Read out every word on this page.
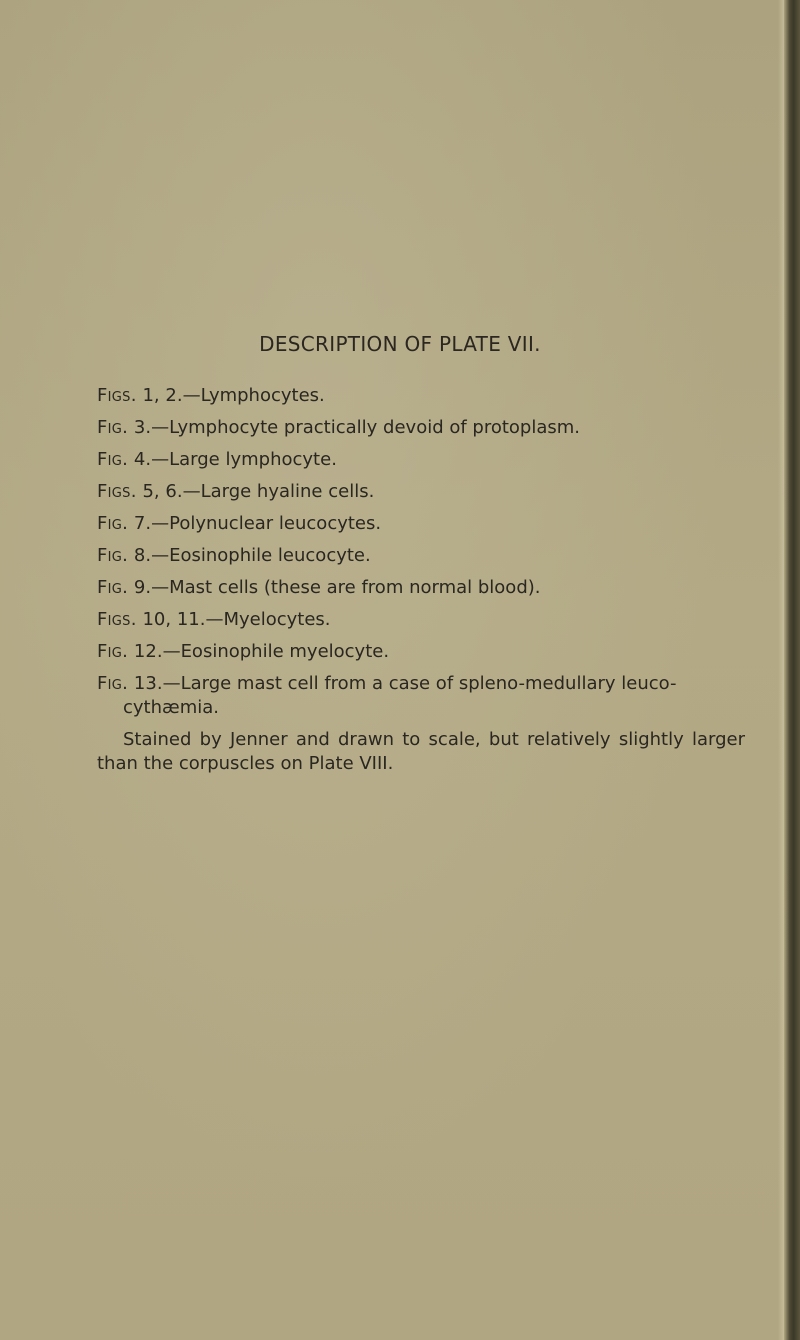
DESCRIPTION OF PLATE VII.
Figs. 1, 2.—Lymphocytes.
Fig. 3.—Lymphocyte practically devoid of protoplasm.
Fig. 4.—Large lymphocyte.
Figs. 5, 6.—Large hyaline cells.
Fig. 7.—Polynuclear leucocytes.
Fig. 8.—Eosinophile leucocyte.
Fig. 9.—Mast cells (these are from normal blood).
Figs. 10, 11.—Myelocytes.
Fig. 12.—Eosinophile myelocyte.
Fig. 13.—Large mast cell from a case of spleno-medullary leuco-cythæmia.
Stained by Jenner and drawn to scale, but relatively slightly larger than the corpuscles on Plate VIII.
